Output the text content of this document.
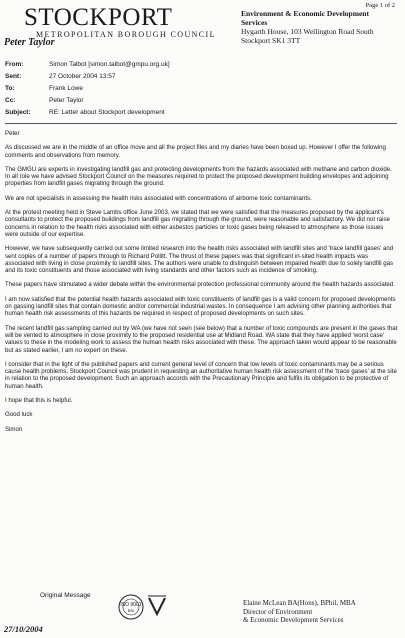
Page 1 of 2
STOCKPORT
METROPOLITAN BOROUGH COUNCIL
Peter Taylor
Environment & Economic Development
Services
Hygarth House, 103 Wellington Road South
Stockport SK1 3TT
From:	Simon Talbot [simon.talbot@gmpu.org.uk]
Sent:	27 October 2004 13:57
To:	Frank Lowe
Cc:	Peter Taylor
Subject:	RE: Letter about Stockport development

Peter

As discussed we are in the middle of an office move and all the project files and my diaries have been boxed up. However I offer the following comments and observations from memory.

The GMGU are experts in investigating landfill gas and protecting developments from the hazards associated with methane and carbon dioxide. In all role we have advised Stockport Council on the measures required to protect the proposed development building envelopes and adjoining properties from landfill gases migrating through the ground.

We are not specialists in assessing the health risks associated with concentrations of airborne toxic contaminants.

At the protest meeting held in Steve Lambs office June 2003, we stated that we were satisfied that the measures proposed by the applicant's consultants to protect the proposed buildings from landfill gas migrating through the ground, were reasonable and satisfactory. We did not raise concerns in relation to the health risks associated with either asbestos particles or toxic gases being released to atmosphere as those issues were outside of our expertise.

However, we have subsequently carried out some limited research into the health risks associated with landfill sites and 'trace landfill gases' and sent copies of a number of papers through to Richard Pollitt. The thrust of these papers was that significant in-sited health impacts was associated with living in close proximity to landfill sites. The authors were unable to distinguish between impaired health due to solely landfill gas and its toxic constituents and those associated with living standards and other factors such as incidence of smoking.

These papers have stimulated a wider debate within the environmental protection professional community around the health hazards associated.

I am now satisfied that the potential health hazards associated with toxic constituents of landfill gas is a valid concern for proposed developments on gassing landfill sites that contain domestic and/or commercial industrial wastes. In consequence I am advising other planning authorities that human health risk assessments of this hazards be required in respect of proposed developments on such sites.

The recent landfill gas sampling carried out by WA (we have not seen (see below) that a number of toxic compounds are present in the gases that will be vented to atmosphere in close proximity to the proposed residential use at Midland Road. WA state that they have applied 'worst case' values to these in the modeling work to assess the human health risks associated with these. The approach taken would appear to be reasonable but as stated earlier, I am no expert on these.

I consider that in the light of the published papers and current general level of concern that low levels of toxic contaminants may be a serious cause health problems, Stockport Council was prudent in requesting an authoritative human health risk assessment of the 'trace gases' at the site in relation to the proposed development. Such an approach accords with the Precautionary Principle and fulfils its obligation to be protective of human health.

I hope that this is helpful.

Good luck

Simon

Original Message
27/10/2004
ISO 9001
BSI
Elaine McLean BA(Hons), BPhil, MBA
Director of Environment
& Economic Development Services
